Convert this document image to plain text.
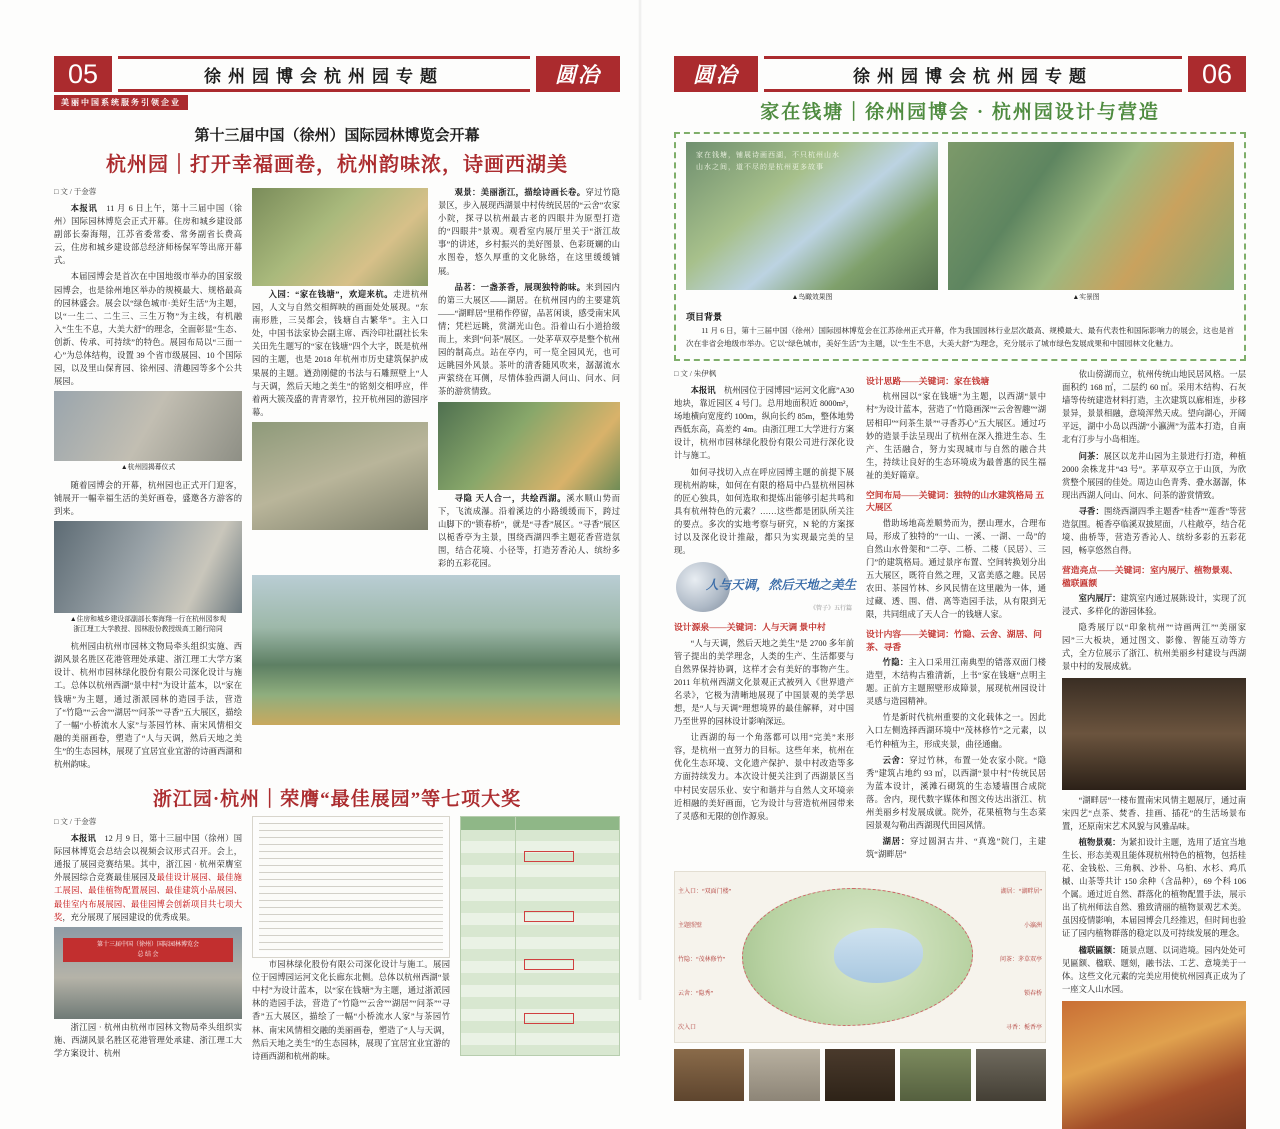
05	徐州园博会杭州园专题	圆冶
美丽中国系统服务引领企业
第十三届中国（徐州）国际园林博览会开幕
杭州园｜打开幸福画卷，杭州韵味浓，诗画西湖美
□ 文 / 于金蓉

本报讯　11 月 6 日上午，第十三届中国（徐州）国际园林博览会正式开幕。住房和城乡建设部副部长秦海翔，江苏省委常委、常务副省长费高云，住房和城乡建设部总经济师杨保军等出席开幕式。

本届园博会是首次在中国地级市举办的国家级园博会，也是徐州地区举办的规模最大、规格最高的园林盛会。展会以“绿色城市·美好生活”为主题，以“一生二、二生三、三生万物”为主线，有机融入“生生不息，大美大舒”的理念，全面彰显“生态、创新、传承、可持续”的特色。展园布局以“三面一心”为总体结构，设置 39 个省市级展园、10 个国际园，以及里山保育园、徐州园、清趣园等多个公共展园。

▲杭州园揭幕仪式

随着园博会的开幕，杭州园也正式开门迎客，铺展开一幅幸福生活的美好画卷，盛邀各方游客的到来。

▲住房和城乡建设部副部长秦海翔一行在杭州园参观
浙江理工大学教授、园林股份教授级高工随行陪同

杭州园由杭州市园林文物局牵头组织实施、西湖风景名胜区花港管理处承建、浙江理工大学方案设计、杭州市园林绿化股份有限公司深化设计与施工。总体以杭州西湖“景中村”为设计蓝本，以“家在钱塘”为主题，通过浙派园林的造园手法，营造了“竹隐”“云舍”“湖居”“问茶”“寻香”五大展区，描绘了一幅“小桥流水人家”与茶园竹林、南宋风情相交融的美丽画卷，塑造了“人与天调，然后天地之美生”的生态园林，展现了宜居宜业宜游的诗画西湖和杭州韵味。

入园：“家在钱塘”，欢迎来杭。走进杭州园，人文与自然交相辉映的画面处处展现。“东南形胜，三吴都会，钱塘自古繁华”。主入口处，中国书法家协会副主席、西泠印社副社长朱关田先生题写的“家在钱塘”四个大字，既是杭州园的主题，也是 2018 年杭州市历史建筑保护成果展的主题。遒劲刚健的书法与石雕照壁上“人与天调，然后天地之美生”的铭刻交相呼应，伴着两大簇茂盛的青青翠竹，拉开杭州园的游园序幕。

观景：美丽浙江，描绘诗画长卷。穿过竹隐景区，步入展现西湖景中村传统民居的“云舍”农家小院，探寻以杭州最古老的四眼井为原型打造的“四眼井”景观。观看室内展厅里关于“浙江故事”的讲述，乡村振兴的美好图景、色彩斑斓的山水图卷，悠久厚重的文化脉络，在这里缓缓铺展。

品茗：一盏茶香，展现独特韵味。来到园内的第三大展区——湖居。在杭州园内的主要建筑——“湖畔居”里稍作停留，品茗闲谈，感受南宋风情；凭栏远眺，赏湖光山色。沿着山石小道拾级而上，来到“问茶”展区。一处茅草双亭是整个杭州园的制高点。站在亭内，可一览全园风光，也可远眺园外风景。茶叶的清香随风吹来，潺潺流水声萦绕在耳侧，尽情体验西湖人问山、问水、问茶的游赏情致。

寻隐 天人合一，共绘西湖。溪水顺山势而下，飞流成瀑。沿着溪边的小路缓缓而下，跨过山脚下的“锁春桥”，就是“寻香”展区。“寻香”展区以栀香亭为主景，围绕西湖四季主题花香营造氛围，结合花境、小径等，打造芳香沁人、缤纷多彩的五彩花园。

浙江园·杭州｜荣膺“最佳展园”等七项大奖
□ 文 / 于金蓉

本报讯　12 月 9 日，第十三届中国（徐州）国际园林博览会总结会以视频会议形式召开。会上，通报了展园竞赛结果。其中，浙江园 · 杭州荣膺室外展园综合竞赛最佳展园及最佳设计展园、最佳施工展园、最佳植物配置展园、最佳建筑小品展园、最佳室内布展展园、最佳园博会创新项目共七项大奖，充分展现了展园建设的优秀成果。

第十三届中国（徐州）国际园林博览会
总 结 会

浙江园 · 杭州由杭州市园林文物局牵头组织实施、西湖风景名胜区花港管理处承建、浙江理工大学方案设计、杭州

市园林绿化股份有限公司深化设计与施工。展园位于园博园运河文化长廊东北侧。总体以杭州西湖“景中村”为设计蓝本，以“家在钱塘”为主题，通过浙派园林的造园手法，营造了“竹隐”“云舍”“湖居”“问茶”“寻香”五大展区，描绘了一幅“小桥流水人家”与茶园竹林、南宋风情相交融的美丽画卷，塑造了“人与天调，然后天地之美生”的生态园林，展现了宜居宜业宜游的诗画西湖和杭州韵味。

圆冶	徐州园博会杭州园专题	06
家在钱塘｜徐州园博会 · 杭州园设计与营造
家在钱塘，铺展诗画西湖，不只杭州山水
山水之间，道不尽的是杭州更多故事
▲鸟瞰效果图	▲实景图
项目背景
11 月 6 日，第十三届中国（徐州）国际园林博览会在江苏徐州正式开幕，作为我国园林行业层次最高、规模最大、最有代表性和国际影响力的展会，这也是首次在非省会地级市举办。它以“绿色城市，美好生活”为主题，以“生生不息，大美大舒”为理念，充分展示了城市绿色发展成果和中国园林文化魅力。
□ 文 / 朱伊枫

本报讯　杭州园位于园博园“运河文化廊”A30 地块，靠近园区 4 号门。总用地面积近 8000m²，场地横向宽度约 100m，纵向长约 85m，整体地势西低东高，高差约 4m。由浙江理工大学进行方案设计，杭州市园林绿化股份有限公司进行深化设计与施工。

如何寻找切入点在呼应园博主题的前提下展现杭州韵味，如何在有限的格局中凸显杭州园林的匠心独具，如何选取和提炼出能够引起共鸣和具有杭州特色的元素？……这些都是团队所关注的要点。多次的实地考察与研究，N 轮的方案探讨以及深化设计推敲，都只为实现最完美的呈现。

人与天调，然后天地之美生
《管子》五行篇
设计源泉——关键词：人与天调 景中村

“人与天调，然后天地之美生”是 2700 多年前管子提出的美学理念，人类的生产、生活都要与自然界保持协调，这样才会有美好的事物产生。2011 年杭州西湖文化景观正式被列入《世界遗产名录》，它极为清晰地展现了中国景观的美学思想，是“人与天调”理想境界的最佳解释，对中国乃至世界的园林设计影响深远。

让西湖的每一个角落都可以用“完美”来形容，是杭州一直努力的目标。这些年来，杭州在优化生态环境、文化遗产保护、景中村改造等多方面持续发力。本次设计便关注到了西湖景区当中村民安居乐业、安宁和谐并与自然人文环境亲近相融的美好画面，它为设计与营造杭州园带来了灵感和无限的创作源泉。

设计思路——关键词：家在钱塘

杭州园以“家在钱塘”为主题，以西湖“景中村”为设计蓝本，营造了“竹隐画深”“云舍智趣”“湖居相印”“问茶生景”“寻香苏心”五大展区。通过巧妙的造景手法呈现出了杭州在深入推进生态、生产、生活融合，努力实现城市与自然的融合共生，持续让良好的生态环境成为最普惠的民生福祉的美好篇章。

空间布局——关键词：独特的山水建筑格局 五大展区

借助场地高差顺势而为，摆山理水，合理布局，形成了独特的“一山、一溪、一湖、一岛”的自然山水骨架和“二亭、二桥、二楼（民居）、三门”的建筑格局。通过景序布置、空间转换划分出五大展区，既符自然之理，又富美感之趣。民居农田、茶园竹林、乡风民情在这里融为一体，通过藏、透、围、借、离等造园手法，从有限到无限，共同组成了天人合一的钱塘人家。

设计内容——关键词：竹隐、云舍、湖居、问茶、寻香

竹隐：主入口采用江南典型的错落双面门楼造型，木结构古雅清新，上书“家在钱塘”点明主题。正前方主题照壁形成障景，展现杭州园设计灵感与造园精神。

竹是新时代杭州重要的文化载体之一。因此入口左侧选择西湖环境中“茂林修竹”之元素，以毛竹种植为主，形成夹景，曲径通幽。

云舍：穿过竹林，布置一处农家小院。“隐秀”建筑占地约 93 ㎡，以西湖“景中村”传统民居为蓝本设计，溪滩石砌筑的生态矮墙围合成院落。舍内，现代数字媒体和图文传达出浙江、杭州美丽乡村发展成就。院外，花果植物与生态菜园景观勾勒出西湖现代田园风情。

湖居：穿过圆洞古井、“真逸”院门，主建筑“湖畔居”

主入口：“双面门楼”
主题照壁
竹隐：“茂林修竹”
云舍：“隐秀”
次入口
湖居：“湖畔居”
小瀛洲
问茶：茅草双亭
锁春桥
寻香：栀香亭

依山傍湖而立，杭州传统山地民居风格。一层面积约 168 ㎡，二层约 60 ㎡。采用木结构、石灰墙等传统建造材料打造，主次建筑以廊相连，步移景异，景景相融，意境浑然天成。望向湖心，开阔平远，湖中小岛以西湖“小瀛洲”为蓝本打造，自南北有汀步与小岛相连。

问茶：展区以龙井山园为主景进行打造，种植 2000 余株龙井“43 号”。茅草双亭立于山顶，为欣赏整个展园的佳处。周边山色青秀、叠水潺潺，体现出西湖人问山、问水、问茶的游赏情致。

寻香：围绕西湖四季主题香“桂香”“莲香”等营造氛围。栀香亭临溪双披屋面，八柱敞亭，结合花境、曲桥等，营造芳香沁人、缤纷多彩的五彩花园，畅享悠然自得。

营造亮点——关键词：室内展厅、植物景观、楹联匾额

室内展厅：建筑室内通过展陈设计，实现了沉浸式、多样化的游园体验。

隐秀展厅以“印象杭州”“诗画两江”“美丽家园”三大板块，通过图文、影像、智能互动等方式，全方位展示了浙江、杭州美丽乡村建设与西湖景中村的发展成就。

“湖畔居”一楼布置南宋风情主题展厅，通过南宋四艺“点茶、焚香、挂画、插花”的生活场景布置，还原南宋艺术风貌与风雅品味。

植物景观：为紧扣设计主题，选用了适宜当地生长、形态美观且能体现杭州特色的植物，包括桂花、金钱松、三角枫、沙朴、乌桕、水杉、鸡爪槭、山茶等共计 150 余种（含品种），69 个科 106 个属。通过近自然、群落化的植物配置手法，展示出了杭州师法自然、雅致清丽的植物景观艺术美。虽因疫情影响，本届园博会几经推迟，但时间也验证了园内植物群落的稳定以及可持续发展的理念。

楹联匾额：随景点题、以词造境。园内处处可见匾额、楹联、题刻，融书法、工艺、意境美于一体。这些文化元素的完美应用使杭州园真正成为了一座文人山水园。
